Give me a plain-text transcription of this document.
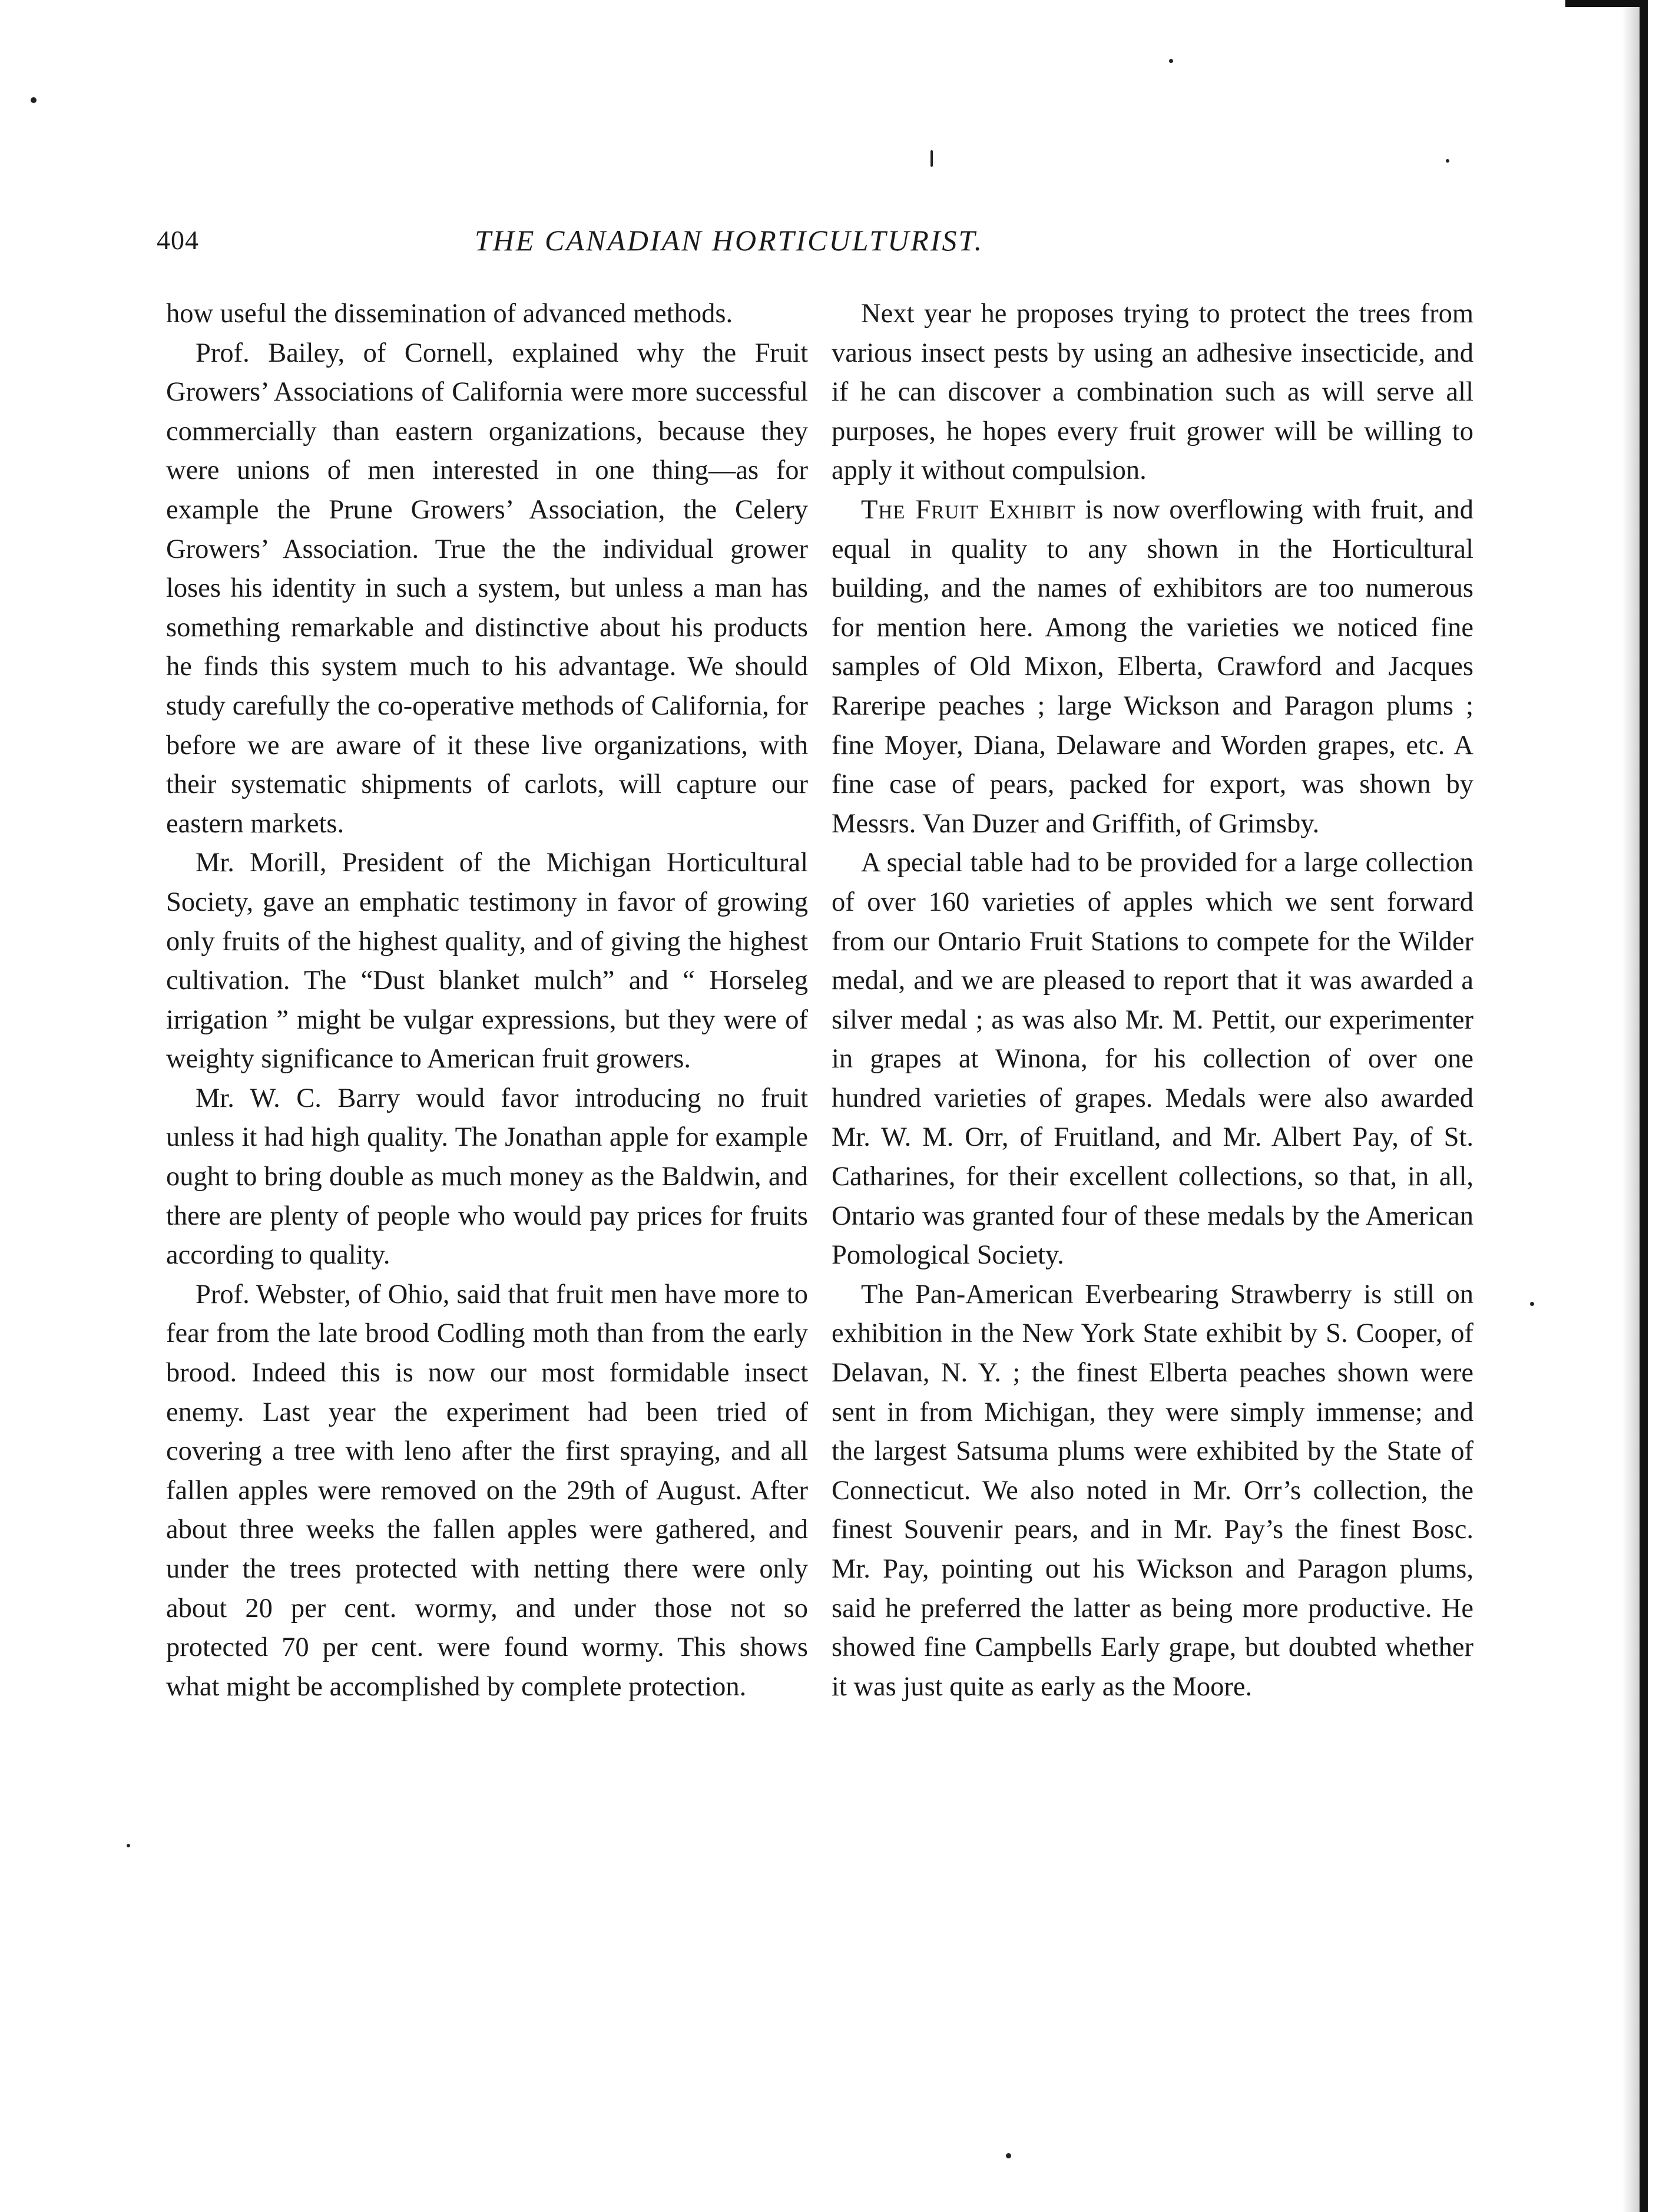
404	THE CANADIAN HORTICULTURIST.

how useful the dissemination of advanced methods.

Prof. Bailey, of Cornell, explained why the Fruit Growers’ Associations of California were more successful commercially than eastern organizations, because they were unions of men interested in one thing—as for example the Prune Growers’ Association, the Celery Growers’ Association. True the the individual grower loses his identity in such a system, but unless a man has something remarkable and distinctive about his products he finds this system much to his advantage. We should study carefully the co-operative methods of California, for before we are aware of it these live organizations, with their systematic shipments of carlots, will capture our eastern markets.

Mr. Morill, President of the Michigan Horticultural Society, gave an emphatic testimony in favor of growing only fruits of the highest quality, and of giving the highest cultivation. The “Dust blanket mulch” and “ Horseleg irrigation ” might be vulgar expressions, but they were of weighty significance to American fruit growers.

Mr. W. C. Barry would favor introducing no fruit unless it had high quality. The Jonathan apple for example ought to bring double as much money as the Baldwin, and there are plenty of people who would pay prices for fruits according to quality.

Prof. Webster, of Ohio, said that fruit men have more to fear from the late brood Codling moth than from the early brood. Indeed this is now our most formidable insect enemy. Last year the experiment had been tried of covering a tree with leno after the first spraying, and all fallen apples were removed on the 29th of August. After about three weeks the fallen apples were gathered, and under the trees protected with netting there were only about 20 per cent. wormy, and under those not so protected 70 per cent. were found wormy. This shows what might be accomplished by complete protection.

Next year he proposes trying to protect the trees from various insect pests by using an adhesive insecticide, and if he can discover a combination such as will serve all purposes, he hopes every fruit grower will be willing to apply it without compulsion.

The Fruit Exhibit is now overflowing with fruit, and equal in quality to any shown in the Horticultural building, and the names of exhibitors are too numerous for mention here. Among the varieties we noticed fine samples of Old Mixon, Elberta, Crawford and Jacques Rareripe peaches ; large Wickson and Paragon plums ; fine Moyer, Diana, Delaware and Worden grapes, etc. A fine case of pears, packed for export, was shown by Messrs. Van Duzer and Griffith, of Grimsby.

A special table had to be provided for a large collection of over 160 varieties of apples which we sent forward from our Ontario Fruit Stations to compete for the Wilder medal, and we are pleased to report that it was awarded a silver medal ; as was also Mr. M. Pettit, our experimenter in grapes at Winona, for his collection of over one hundred varieties of grapes. Medals were also awarded Mr. W. M. Orr, of Fruitland, and Mr. Albert Pay, of St. Catharines, for their excellent collections, so that, in all, Ontario was granted four of these medals by the American Pomological Society.

The Pan-American Everbearing Strawberry is still on exhibition in the New York State exhibit by S. Cooper, of Delavan, N. Y. ; the finest Elberta peaches shown were sent in from Michigan, they were simply immense; and the largest Satsuma plums were exhibited by the State of Connecticut. We also noted in Mr. Orr’s collection, the finest Souvenir pears, and in Mr. Pay’s the finest Bosc. Mr. Pay, pointing out his Wickson and Paragon plums, said he preferred the latter as being more productive. He showed fine Campbells Early grape, but doubted whether it was just quite as early as the Moore.
